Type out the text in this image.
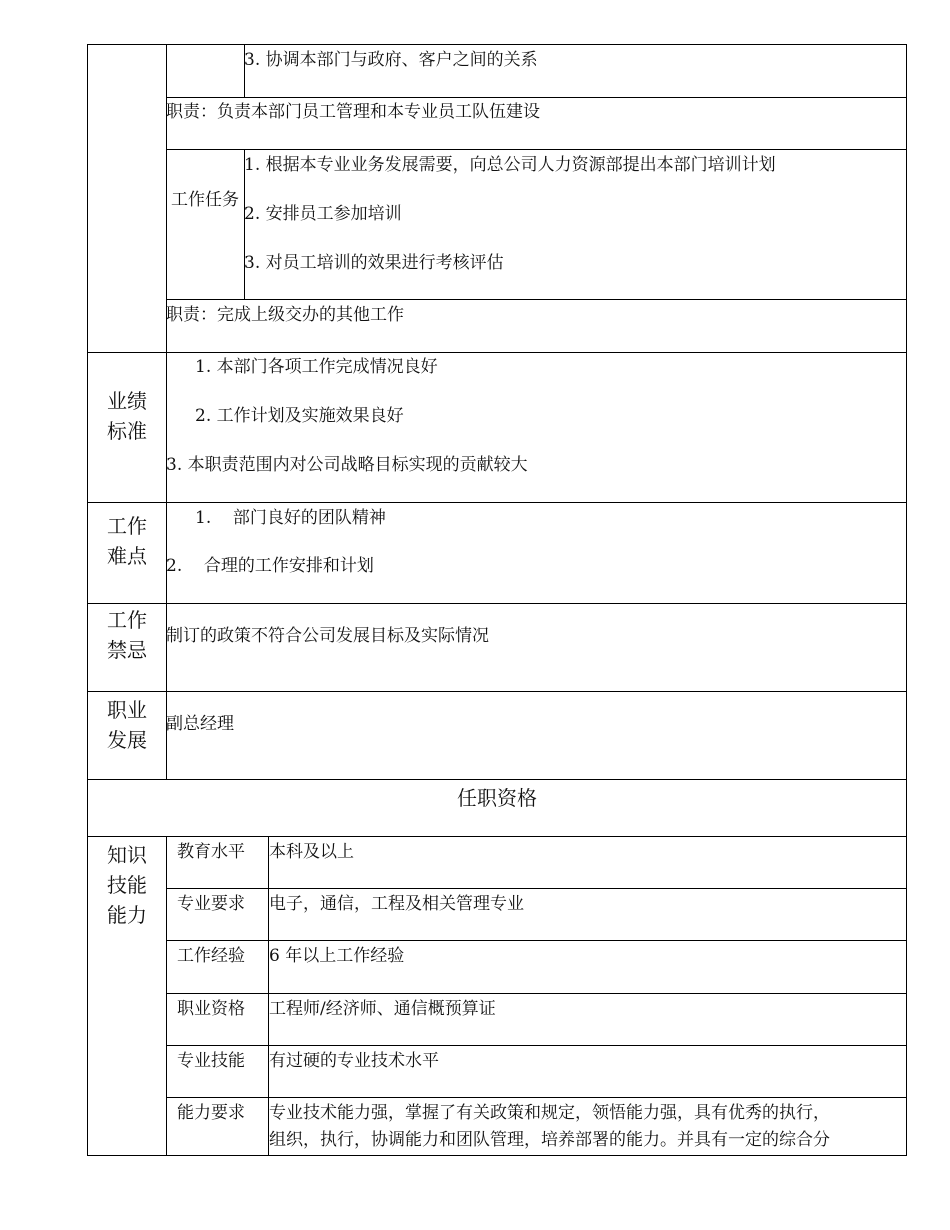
3. 协调本部门与政府、客户之间的关系
职责：负责本部门员工管理和本专业员工队伍建设
工作任务
1. 根据本专业业务发展需要，向总公司人力资源部提出本部门培训计划
2. 安排员工参加培训
3. 对员工培训的效果进行考核评估
职责：完成上级交办的其他工作
业绩标准
1. 本部门各项工作完成情况良好
2. 工作计划及实施效果良好
3. 本职责范围内对公司战略目标实现的贡献较大
工作难点
1.    部门良好的团队精神
2.    合理的工作安排和计划
工作禁忌
制订的政策不符合公司发展目标及实际情况
职业发展
副总经理
任职资格
知识技能能力
教育水平 本科及以上
专业要求 电子，通信，工程及相关管理专业
工作经验 6 年以上工作经验
职业资格 工程师/经济师、通信概预算证
专业技能 有过硬的专业技术水平
能力要求 专业技术能力强，掌握了有关政策和规定，领悟能力强，具有优秀的执行，
组织，执行，协调能力和团队管理，培养部署的能力。并具有一定的综合分
